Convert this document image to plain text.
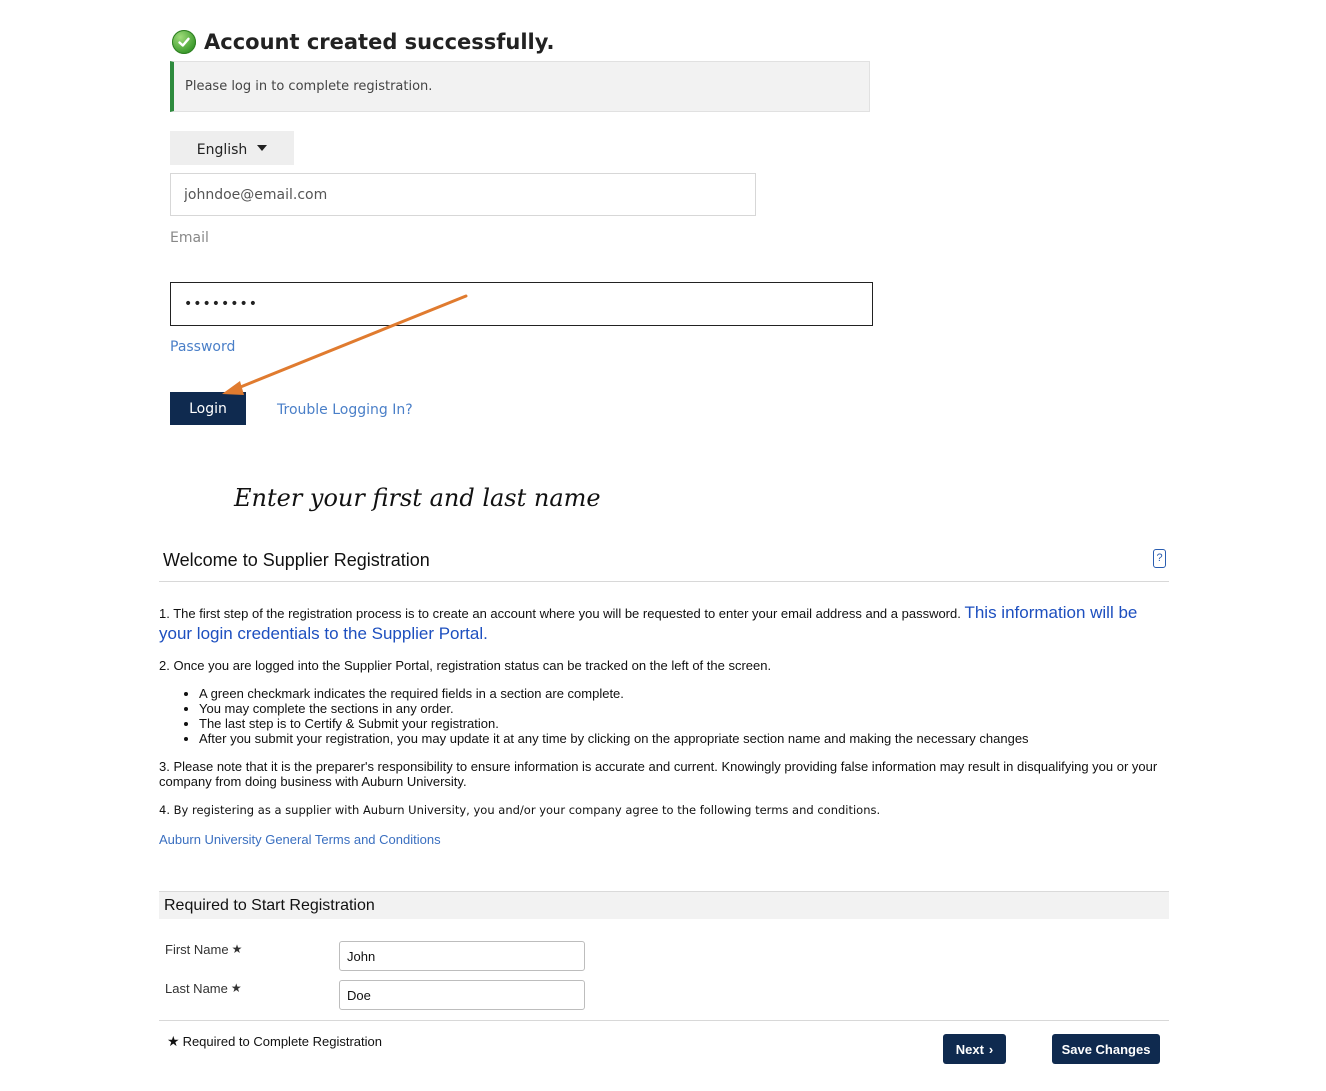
Account created successfully.
Please log in to complete registration.
English
johndoe@email.com
Email
••••••••
Password
Login	Trouble Logging In?
Enter your first and last name
Welcome to Supplier Registration	?
1. The first step of the registration process is to create an account where you will be requested to enter your email address and a password. This information will be your login credentials to the Supplier Portal.
2. Once you are logged into the Supplier Portal, registration status can be tracked on the left of the screen.
• A green checkmark indicates the required fields in a section are complete.
• You may complete the sections in any order.
• The last step is to Certify & Submit your registration.
• After you submit your registration, you may update it at any time by clicking on the appropriate section name and making the necessary changes
3. Please note that it is the preparer's responsibility to ensure information is accurate and current. Knowingly providing false information may result in disqualifying you or your company from doing business with Auburn University.
4. By registering as a supplier with Auburn University, you and/or your company agree to the following terms and conditions.
Auburn University General Terms and Conditions
Required to Start Registration
First Name ★
John
Last Name ★
Doe
★ Required to Complete Registration	Next ›	Save Changes
